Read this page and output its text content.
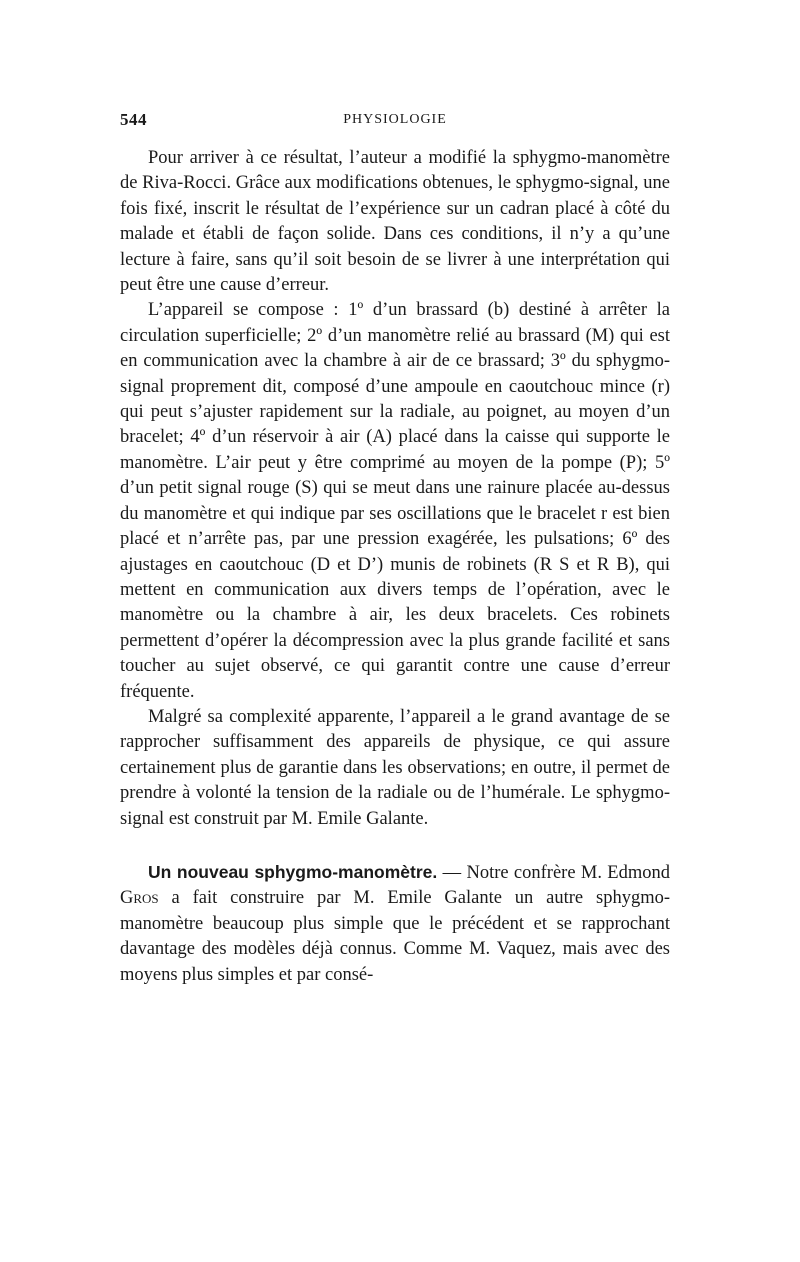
544	PHYSIOLOGIE

Pour arriver à ce résultat, l’auteur a modifié la sphygmo-manomètre de Riva-Rocci. Grâce aux modifications obtenues, le sphygmo-signal, une fois fixé, inscrit le résultat de l’expérience sur un cadran placé à côté du malade et établi de façon solide. Dans ces conditions, il n’y a qu’une lecture à faire, sans qu’il soit besoin de se livrer à une interprétation qui peut être une cause d’erreur.

L’appareil se compose : 1º d’un brassard (b) destiné à arrêter la circulation superficielle; 2º d’un manomètre relié au brassard (M) qui est en communication avec la chambre à air de ce brassard; 3º du sphygmo-signal proprement dit, composé d’une ampoule en caoutchouc mince (r) qui peut s’ajuster rapidement sur la radiale, au poignet, au moyen d’un bracelet; 4º d’un réservoir à air (A) placé dans la caisse qui supporte le manomètre. L’air peut y être comprimé au moyen de la pompe (P); 5º d’un petit signal rouge (S) qui se meut dans une rainure placée au-dessus du manomètre et qui indique par ses oscillations que le bracelet r est bien placé et n’arrête pas, par une pression exagérée, les pulsations; 6º des ajustages en caoutchouc (D et D’) munis de robinets (R S et R B), qui mettent en communication aux divers temps de l’opération, avec le manomètre ou la chambre à air, les deux bracelets. Ces robinets permettent d’opérer la décompression avec la plus grande facilité et sans toucher au sujet observé, ce qui garantit contre une cause d’erreur fréquente.

Malgré sa complexité apparente, l’appareil a le grand avantage de se rapprocher suffisamment des appareils de physique, ce qui assure certainement plus de garantie dans les observations; en outre, il permet de prendre à volonté la tension de la radiale ou de l’humérale. Le sphygmo-signal est construit par M. Emile Galante.

Un nouveau sphygmo-manomètre. — Notre confrère M. Edmond Gros a fait construire par M. Emile Galante un autre sphygmo-manomètre beaucoup plus simple que le précédent et se rapprochant davantage des modèles déjà connus. Comme M. Vaquez, mais avec des moyens plus simples et par consé-
